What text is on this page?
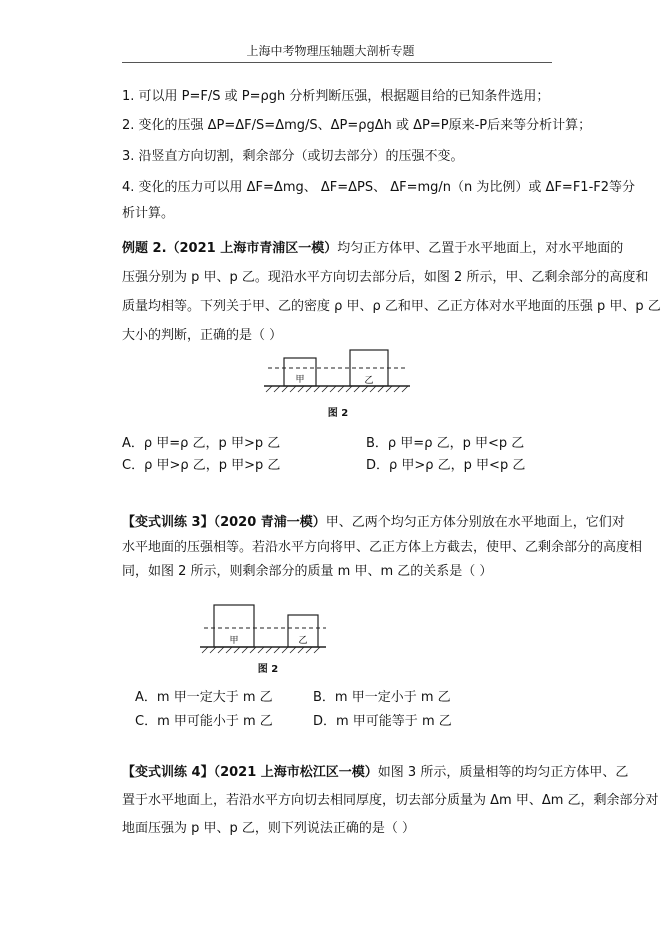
上海中考物理压轴题大剖析专题
1. 可以用 P=F/S 或 P=ρgh 分析判断压强，根据题目给的已知条件选用；
2. 变化的压强 ΔP=ΔF/S=Δmg/S、ΔP=ρgΔh 或 ΔP=P原来-P后来等分析计算；
3. 沿竖直方向切割，剩余部分（或切去部分）的压强不变。
4. 变化的压力可以用 ΔF=Δmg、 ΔF=ΔPS、 ΔF=mg/n（n 为比例）或 ΔF=F1-F2等分
析计算。
例题 2.（2021 上海市青浦区一模）均匀正方体甲、乙置于水平地面上，对水平地面的
压强分别为 p 甲、p 乙。现沿水平方向切去部分后，如图 2 所示，甲、乙剩余部分的高度和
质量均相等。下列关于甲、乙的密度 ρ 甲、ρ 乙和甲、乙正方体对水平地面的压强 p 甲、p 乙
大小的判断，正确的是（ ）
甲	乙
图 2
A．ρ 甲=ρ 乙，p 甲>p 乙	B．ρ 甲=ρ 乙，p 甲<p 乙
C．ρ 甲>ρ 乙，p 甲>p 乙	D．ρ 甲>ρ 乙，p 甲<p 乙
【变式训练 3】（2020 青浦一模）甲、乙两个均匀正方体分别放在水平地面上，它们对
水平地面的压强相等。若沿水平方向将甲、乙正方体上方截去，使甲、乙剩余部分的高度相
同，如图 2 所示，则剩余部分的质量 m 甲、m 乙的关系是（ ）
甲	乙
图 2
A．m 甲一定大于 m 乙	B．m 甲一定小于 m 乙
C．m 甲可能小于 m 乙	D．m 甲可能等于 m 乙
【变式训练 4】（2021 上海市松江区一模）如图 3 所示，质量相等的均匀正方体甲、乙
置于水平地面上，若沿水平方向切去相同厚度，切去部分质量为 Δm 甲、Δm 乙，剩余部分对
地面压强为 p 甲、p 乙，则下列说法正确的是（ ）
